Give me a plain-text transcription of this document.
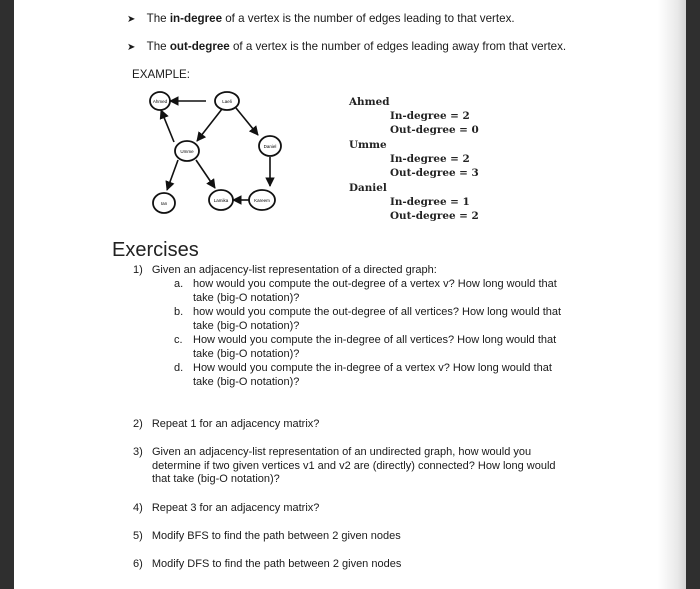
➤ The in-degree of a vertex is the number of edges leading to that vertex.
➤ The out-degree of a vertex is the number of edges leading away from that vertex.
EXAMPLE:
Ahmed	Laeli
Umme
Daniel
Ian
Lamika	Kareem
Ahmed
In-degree = 2
Out-degree = 0
Umme
In-degree = 2
Out-degree = 3
Daniel
In-degree = 1
Out-degree = 2
Exercises
1) Given an adjacency-list representation of a directed graph:
a. how would you compute the out-degree of a vertex v? How long would that
take (big-O notation)?
b. how would you compute the out-degree of all vertices? How long would that
take (big-O notation)?
c. How would you compute the in-degree of all vertices? How long would that
take (big-O notation)?
d. How would you compute the in-degree of a vertex v? How long would that
take (big-O notation)?
2) Repeat 1 for an adjacency matrix?
3) Given an adjacency-list representation of an undirected graph, how would you
determine if two given vertices v1 and v2 are (directly) connected? How long would
that take (big-O notation)?
4) Repeat 3 for an adjacency matrix?
5) Modify BFS to find the path between 2 given nodes
6) Modify DFS to find the path between 2 given nodes
